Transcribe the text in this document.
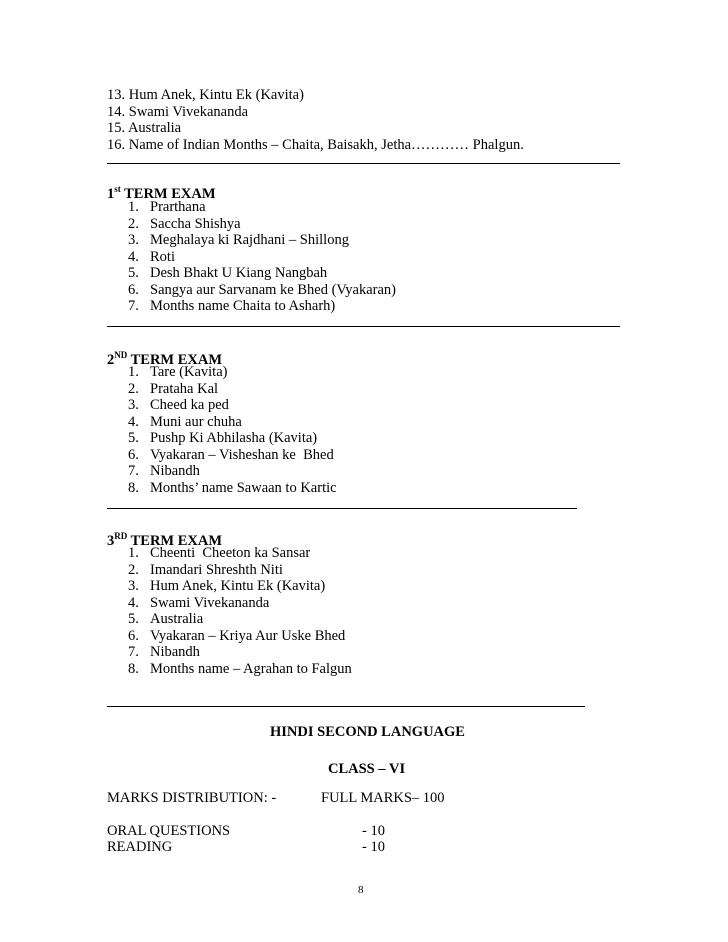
13. Hum Anek, Kintu Ek (Kavita)
14. Swami Vivekananda
15. Australia
16. Name of Indian Months – Chaita, Baisakh, Jetha………… Phalgun.
1st TERM EXAM
1. Prarthana
2. Saccha Shishya
3. Meghalaya ki Rajdhani – Shillong
4. Roti
5. Desh Bhakt U Kiang Nangbah
6. Sangya aur Sarvanam ke Bhed (Vyakaran)
7. Months name Chaita to Asharh)
2ND TERM EXAM
1. Tare (Kavita)
2. Prataha Kal
3. Cheed ka ped
4. Muni aur chuha
5. Pushp Ki Abhilasha (Kavita)
6. Vyakaran – Visheshan ke  Bhed
7. Nibandh
8. Months’ name Sawaan to Kartic
3RD TERM EXAM
1. Cheenti  Cheeton ka Sansar
2. Imandari Shreshth Niti
3. Hum Anek, Kintu Ek (Kavita)
4. Swami Vivekananda
5. Australia
6. Vyakaran – Kriya Aur Uske Bhed
7. Nibandh
8. Months name – Agrahan to Falgun
HINDI SECOND LANGUAGE
CLASS – VI
MARKS DISTRIBUTION: -	FULL MARKS– 100
ORAL QUESTIONS	- 10
READING	- 10
8
